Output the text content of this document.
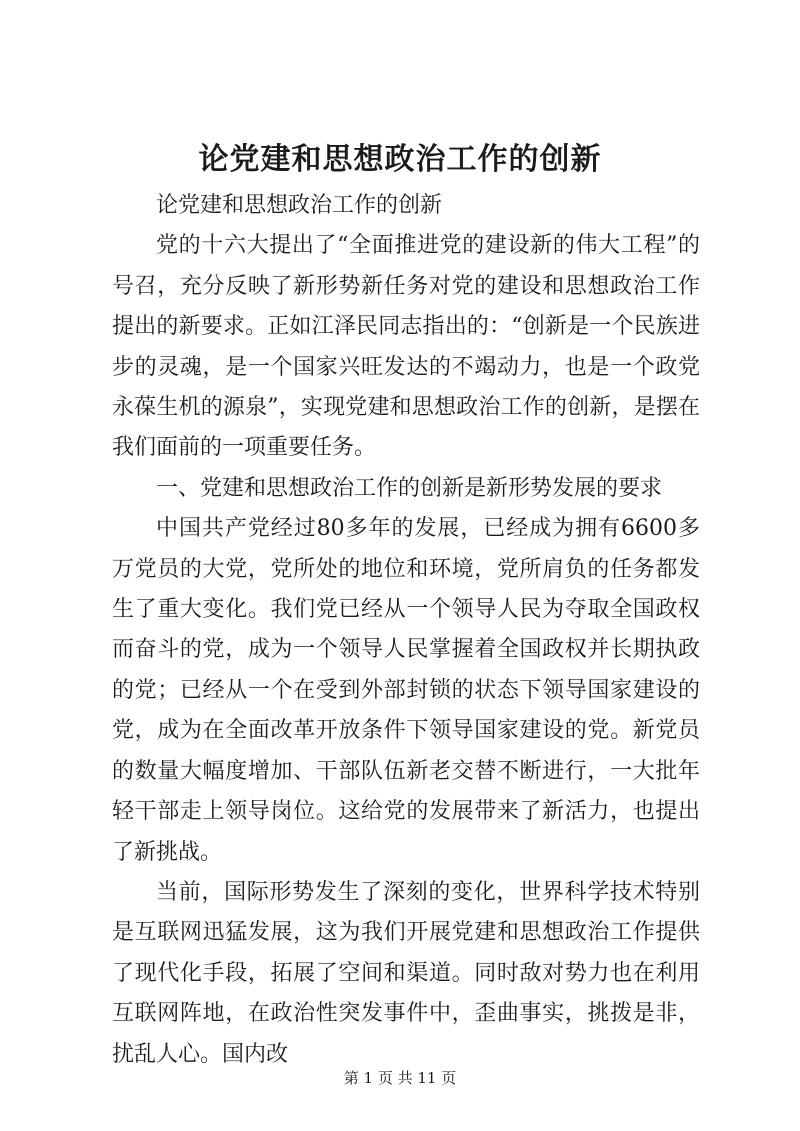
论党建和思想政治工作的创新

论党建和思想政治工作的创新

党的十六大提出了“全面推进党的建设新的伟大工程”的号召，充分反映了新形势新任务对党的建设和思想政治工作提出的新要求。正如江泽民同志指出的：“创新是一个民族进步的灵魂，是一个国家兴旺发达的不竭动力，也是一个政党永葆生机的源泉”，实现党建和思想政治工作的创新，是摆在我们面前的一项重要任务。

一、党建和思想政治工作的创新是新形势发展的要求

中国共产党经过80多年的发展，已经成为拥有6600多万党员的大党，党所处的地位和环境，党所肩负的任务都发生了重大变化。我们党已经从一个领导人民为夺取全国政权而奋斗的党，成为一个领导人民掌握着全国政权并长期执政的党；已经从一个在受到外部封锁的状态下领导国家建设的党，成为在全面改革开放条件下领导国家建设的党。新党员的数量大幅度增加、干部队伍新老交替不断进行，一大批年轻干部走上领导岗位。这给党的发展带来了新活力，也提出了新挑战。

当前，国际形势发生了深刻的变化，世界科学技术特别是互联网迅猛发展，这为我们开展党建和思想政治工作提供了现代化手段，拓展了空间和渠道。同时敌对势力也在利用互联网阵地，在政治性突发事件中，歪曲事实，挑拨是非，扰乱人心。国内改

第 1 页 共 11 页
